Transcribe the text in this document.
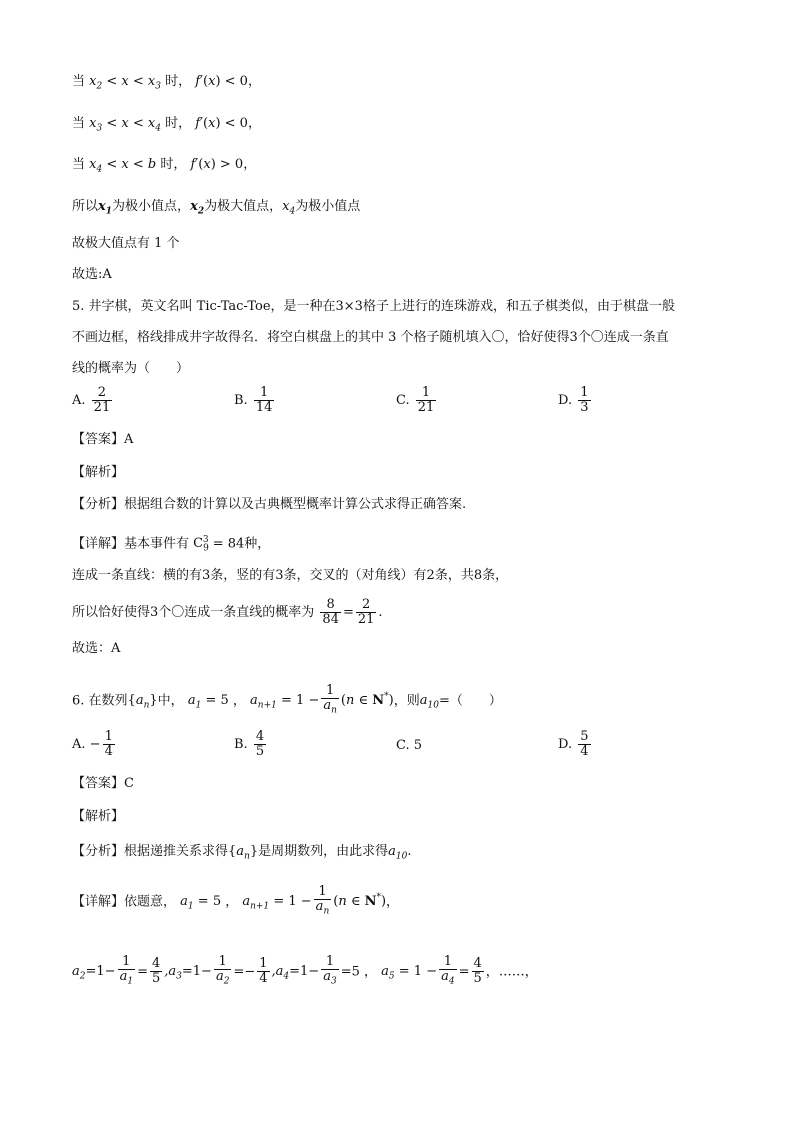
当 $x_2 < x < x_3$ 时， f′(x) < 0，
当 $x_3 < x < x_4$ 时， f′(x) < 0，
当 $x_4 < x < b$ 时， f′(x) > 0，
所以$x_1$为极小值点，$x_2$为极大值点，$x_4$为极小值点
故极大值点有 1 个
故选:A
5. 井字棋，英文名叫 Tic-Tac-Toe，是一种在3×3格子上进行的连珠游戏，和五子棋类似，由于棋盘一般
不画边框，格线排成井字故得名．将空白棋盘上的其中 3 个格子随机填入〇，恰好使得3个〇连成一条直
线的概率为（　　）
A. $\frac{2}{21}$	B. $\frac{1}{14}$	C. $\frac{1}{21}$	D. $\frac{1}{3}$
【答案】A
【解析】
【分析】根据组合数的计算以及古典概型概率计算公式求得正确答案.
【详解】基本事件有 $C_9^3 = 84$种，
连成一条直线：横的有3条，竖的有3条，交叉的（对角线）有2条，共8条，
所以恰好使得3个〇连成一条直线的概率为 $\frac{8}{84} = \frac{2}{21}$ .
故选：A
6. 在数列$\{a_n\}$中， $a_1 = 5$ ， $a_{n+1} = 1 - \frac{1}{a_n} (n$ ∈ N*)，则$a_{10}=$（　　）
A. − $\frac{1}{4}$	B. $\frac{4}{5}$	C. 5	D. $\frac{5}{4}$
【答案】C
【解析】
【分析】根据递推关系求得$\{a_n\}$是周期数列，由此求得$a_{10}$.
【详解】依题意， $a_1 = 5$ ， $a_{n+1} = 1 - \frac{1}{a_n} (n$ ∈ N*)，
$a_2=1- \frac{1}{a_1} = \frac{4}{5} ,a_3=1- \frac{1}{a_2} =- \frac{1}{4} ,a_4=1- \frac{1}{a_3} =5$ ， $a_5 = 1 - \frac{1}{a_4} = \frac{4}{5}$ ，……，
